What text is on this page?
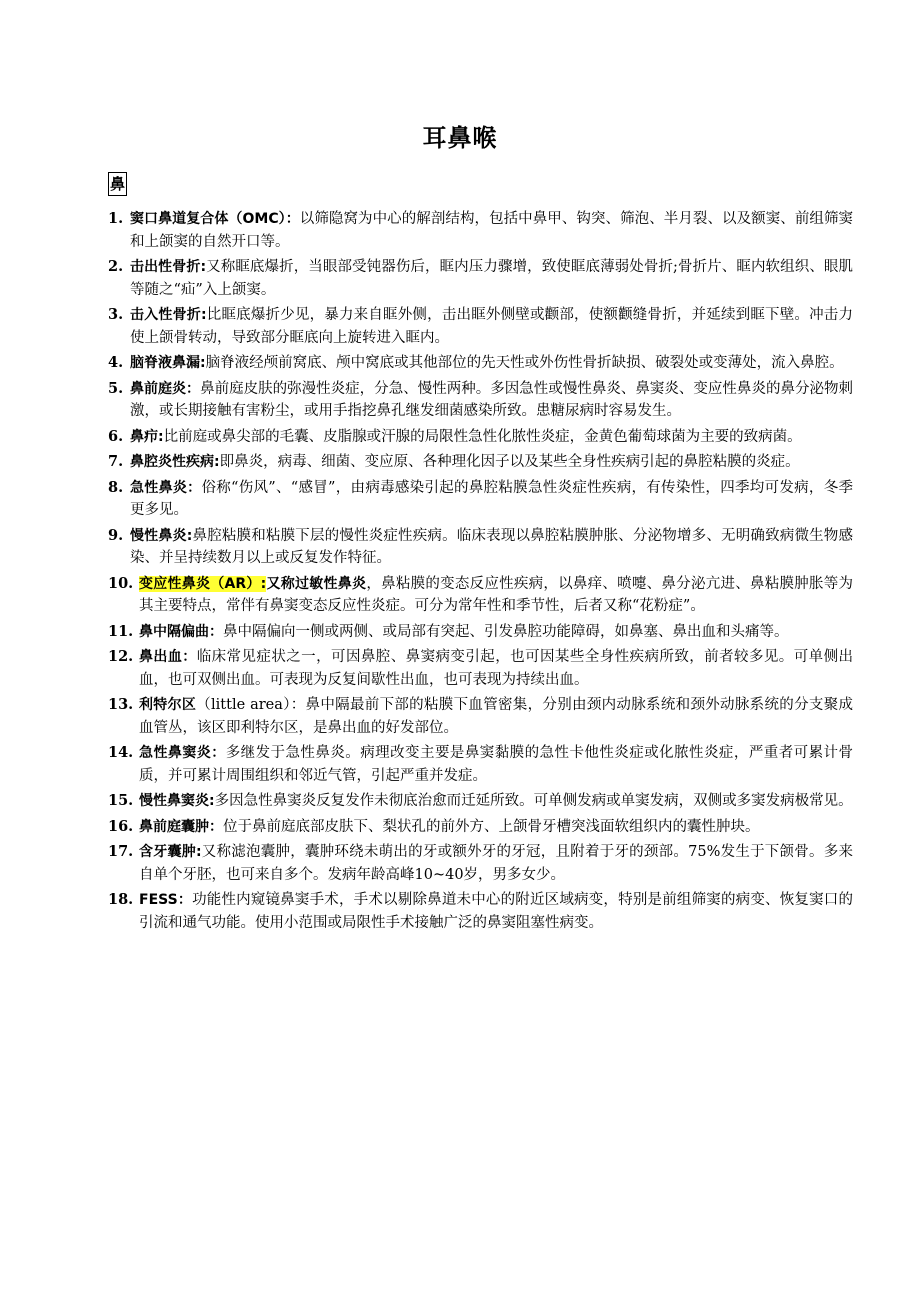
耳鼻喉
鼻
1. 窦口鼻道复合体（OMC）：以筛隐窝为中心的解剖结构，包括中鼻甲、钩突、筛泡、半月裂、以及额窦、前组筛窦和上颌窦的自然开口等。
2. 击出性骨折:又称眶底爆折，当眼部受钝器伤后，眶内压力骤增，致使眶底薄弱处骨折;骨折片、眶内软组织、眼肌等随之“疝”入上颌窦。
3. 击入性骨折:比眶底爆折少见，暴力来自眶外侧，击出眶外侧壁或颧部，使额颧缝骨折，并延续到眶下壁。冲击力使上颌骨转动，导致部分眶底向上旋转进入眶内。
4. 脑脊液鼻漏:脑脊液经颅前窝底、颅中窝底或其他部位的先天性或外伤性骨折缺损、破裂处或变薄处，流入鼻腔。
5. 鼻前庭炎：鼻前庭皮肤的弥漫性炎症，分急、慢性两种。多因急性或慢性鼻炎、鼻窦炎、变应性鼻炎的鼻分泌物刺激，或长期接触有害粉尘，或用手指挖鼻孔继发细菌感染所致。患糖尿病时容易发生。
6. 鼻疖:比前庭或鼻尖部的毛囊、皮脂腺或汗腺的局限性急性化脓性炎症，金黄色葡萄球菌为主要的致病菌。
7. 鼻腔炎性疾病:即鼻炎，病毒、细菌、变应原、各种理化因子以及某些全身性疾病引起的鼻腔粘膜的炎症。
8. 急性鼻炎：俗称“伤风”、“感冒”，由病毒感染引起的鼻腔粘膜急性炎症性疾病，有传染性，四季均可发病，冬季更多见。
9. 慢性鼻炎:鼻腔粘膜和粘膜下层的慢性炎症性疾病。临床表现以鼻腔粘膜肿胀、分泌物增多、无明确致病微生物感染、并呈持续数月以上或反复发作特征。
10. 变应性鼻炎（AR）:又称过敏性鼻炎，鼻粘膜的变态反应性疾病，以鼻痒、喷嚏、鼻分泌亢进、鼻粘膜肿胀等为其主要特点，常伴有鼻窦变态反应性炎症。可分为常年性和季节性，后者又称“花粉症”。
11. 鼻中隔偏曲：鼻中隔偏向一侧或两侧、或局部有突起、引发鼻腔功能障碍，如鼻塞、鼻出血和头痛等。
12. 鼻出血：临床常见症状之一，可因鼻腔、鼻窦病变引起，也可因某些全身性疾病所致，前者较多见。可单侧出血，也可双侧出血。可表现为反复间歇性出血，也可表现为持续出血。
13. 利特尔区（little area）：鼻中隔最前下部的粘膜下血管密集，分别由颈内动脉系统和颈外动脉系统的分支聚成血管丛，该区即利特尔区，是鼻出血的好发部位。
14. 急性鼻窦炎：多继发于急性鼻炎。病理改变主要是鼻窦黏膜的急性卡他性炎症或化脓性炎症，严重者可累计骨质，并可累计周围组织和邻近气管，引起严重并发症。
15. 慢性鼻窦炎:多因急性鼻窦炎反复发作未彻底治愈而迁延所致。可单侧发病或单窦发病，双侧或多窦发病极常见。
16. 鼻前庭囊肿：位于鼻前庭底部皮肤下、梨状孔的前外方、上颌骨牙槽突浅面软组织内的囊性肿块。
17. 含牙囊肿:又称滤泡囊肿，囊肿环绕未萌出的牙或额外牙的牙冠，且附着于牙的颈部。75%发生于下颌骨。多来自单个牙胚，也可来自多个。发病年龄高峰10~40岁，男多女少。
18. FESS：功能性内窥镜鼻窦手术，手术以剔除鼻道未中心的附近区域病变，特别是前组筛窦的病变、恢复窦口的引流和通气功能。使用小范围或局限性手术接触广泛的鼻窦阻塞性病变。
